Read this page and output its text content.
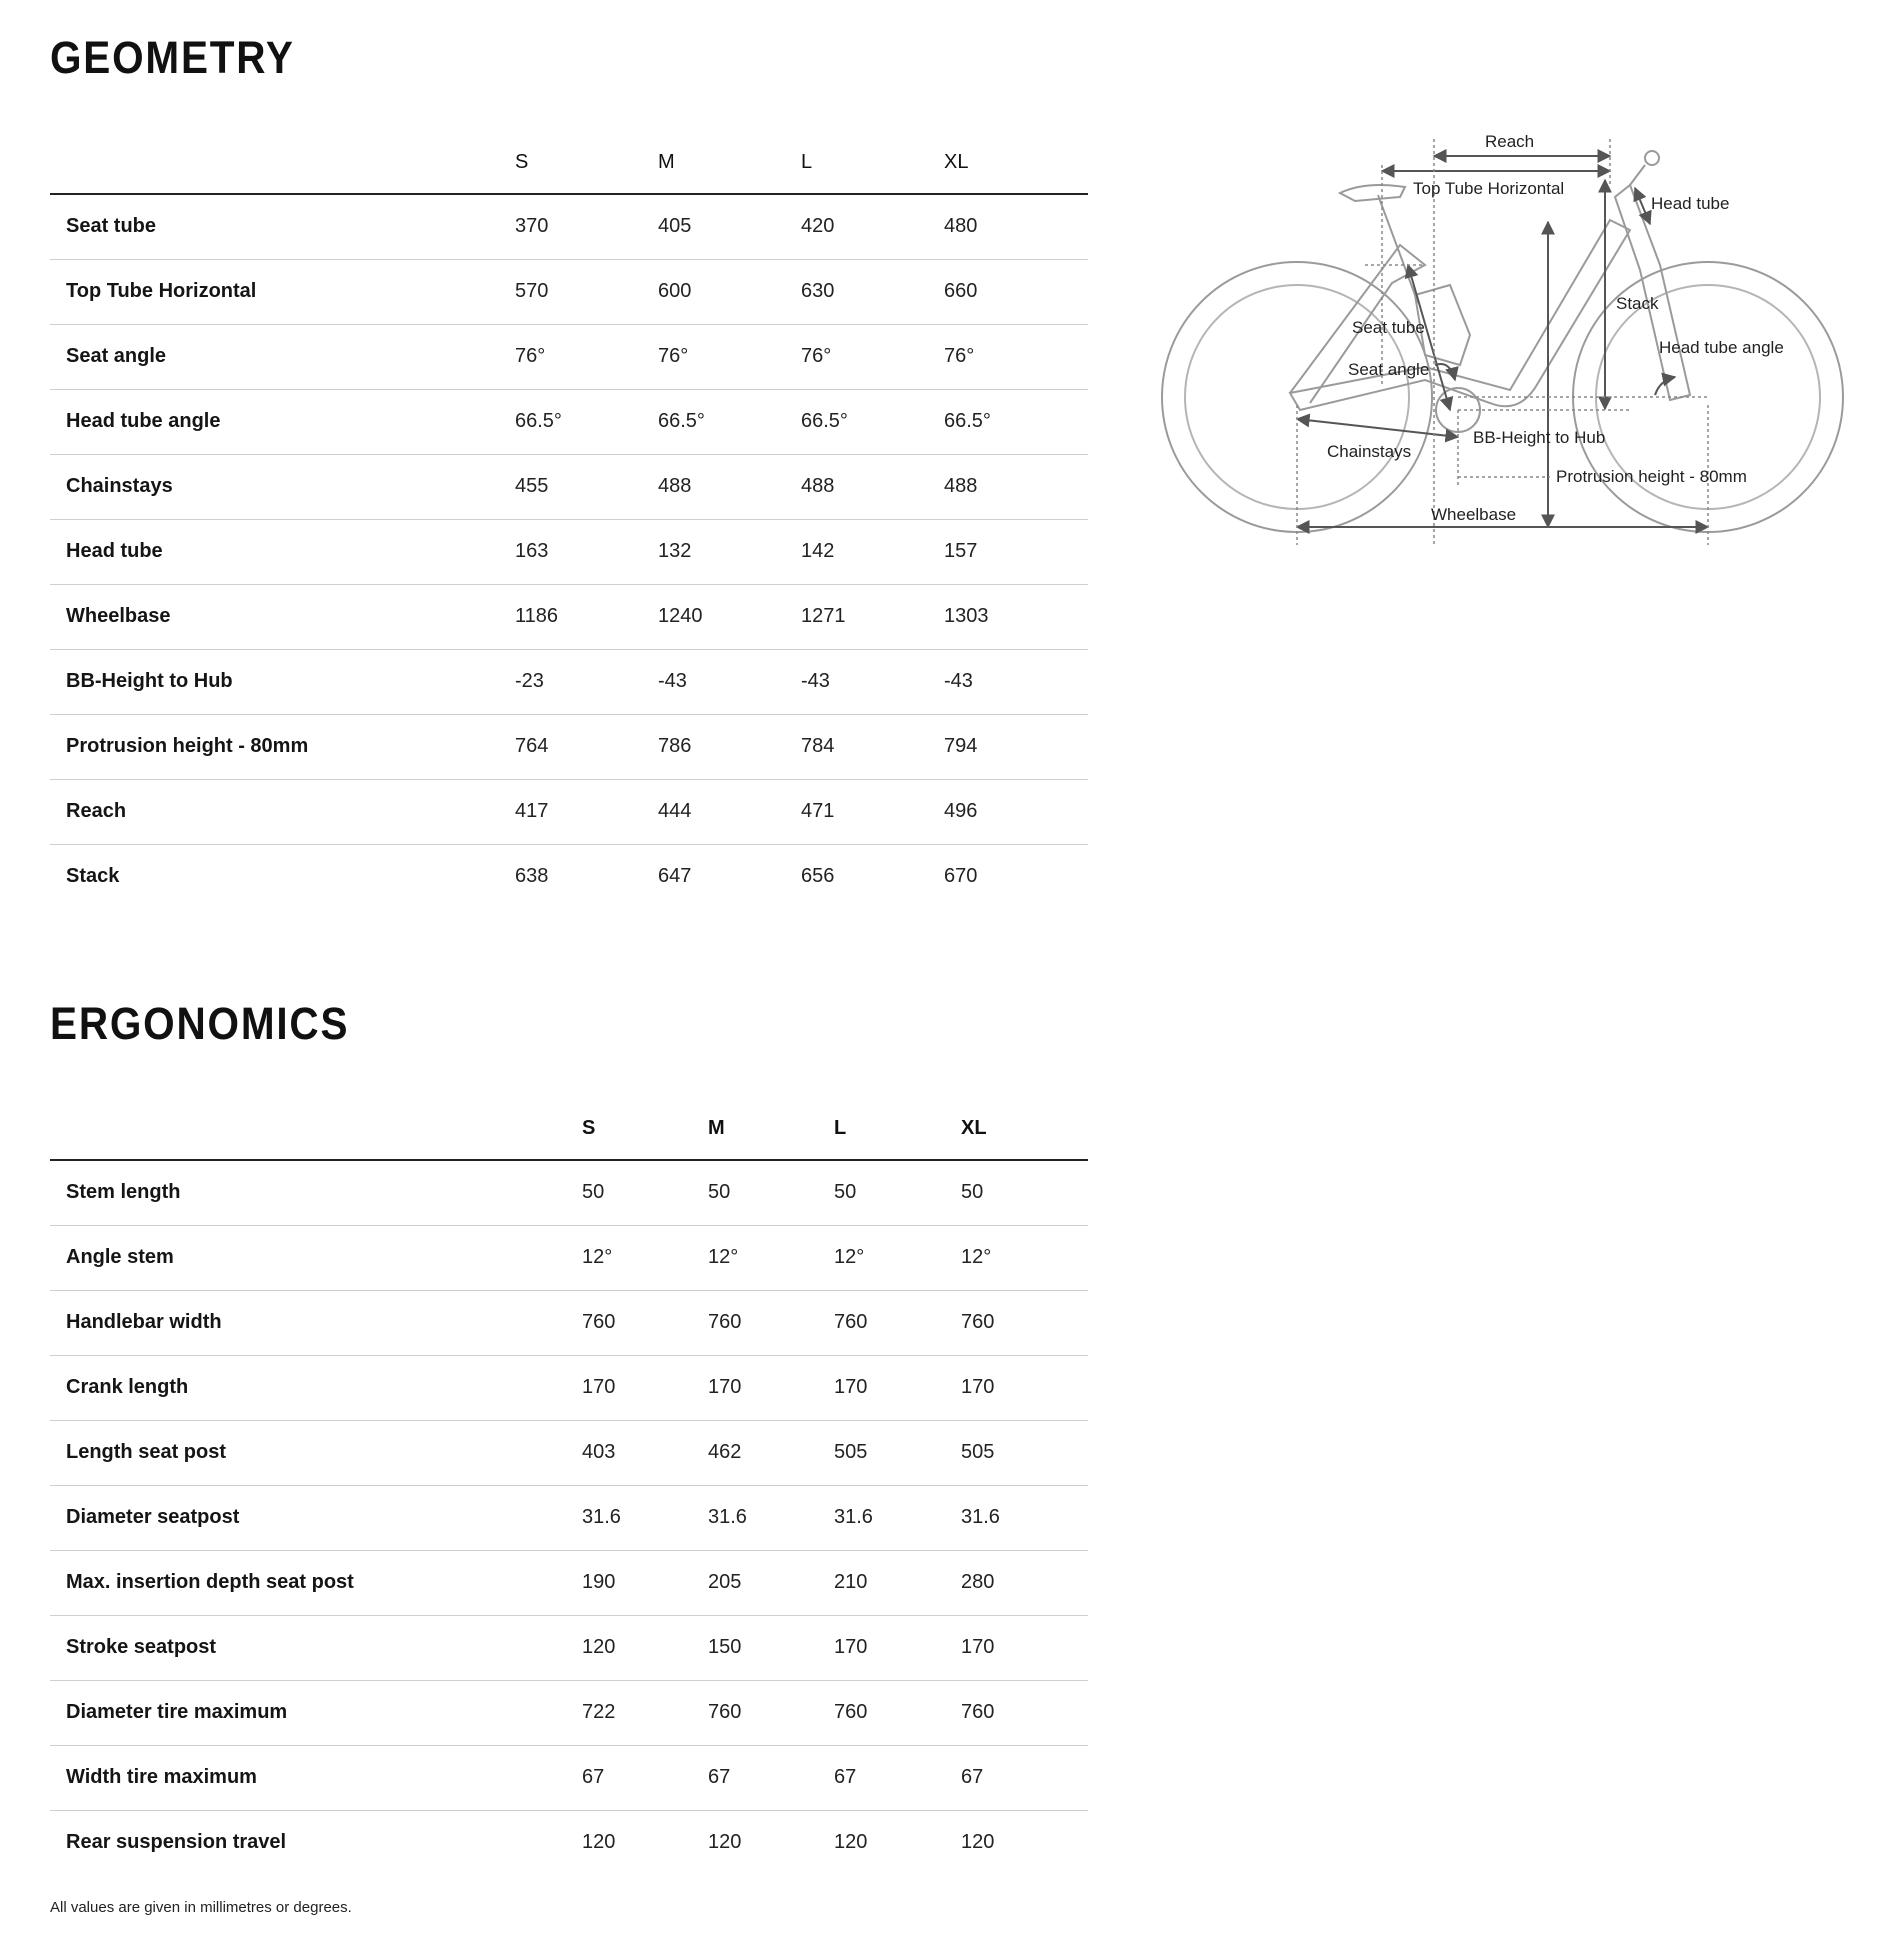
GEOMETRY
	S	M	L	XL
Seat tube	370	405	420	480
Top Tube Horizontal	570	600	630	660
Seat angle	76°	76°	76°	76°
Head tube angle	66.5°	66.5°	66.5°	66.5°
Chainstays	455	488	488	488
Head tube	163	132	142	157
Wheelbase	1186	1240	1271	1303
BB-Height to Hub	-23	-43	-43	-43
Protrusion height - 80mm	764	786	784	794
Reach	417	444	471	496
Stack	638	647	656	670
Reach
Top Tube Horizontal
Head tube
Stack
Seat tube
Head tube angle
Seat angle
Chainstays
BB-Height to Hub
Protrusion height - 80mm
Wheelbase
ERGONOMICS
	S	M	L	XL
Stem length	50	50	50	50
Angle stem	12°	12°	12°	12°
Handlebar width	760	760	760	760
Crank length	170	170	170	170
Length seat post	403	462	505	505
Diameter seatpost	31.6	31.6	31.6	31.6
Max. insertion depth seat post	190	205	210	280
Stroke seatpost	120	150	170	170
Diameter tire maximum	722	760	760	760
Width tire maximum	67	67	67	67
Rear suspension travel	120	120	120	120
All values are given in millimetres or degrees.
